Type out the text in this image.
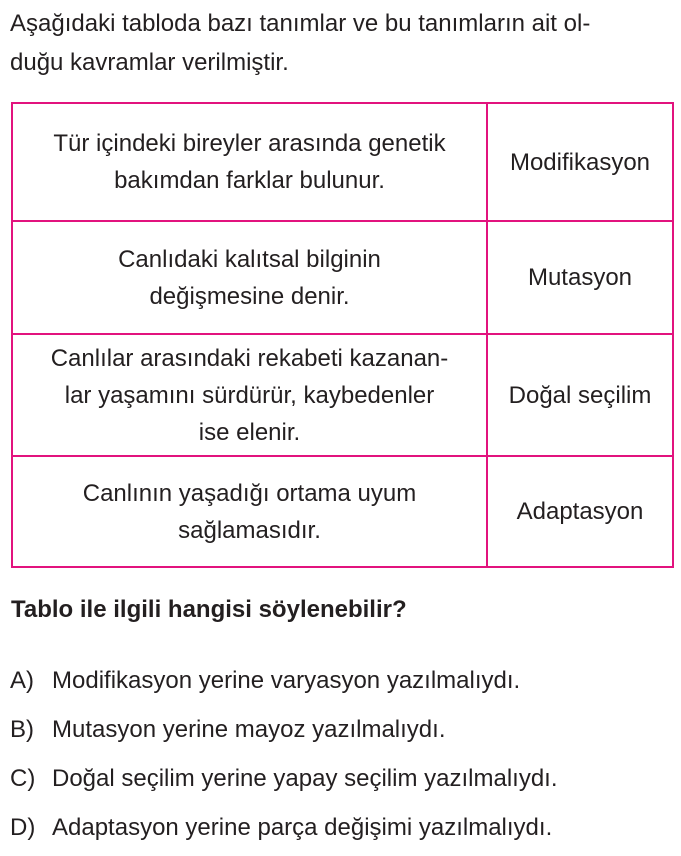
Aşağıdaki tabloda bazı tanımlar ve bu tanımların ait ol-
duğu kavramlar verilmiştir.

Tür içindeki bireyler arasında genetik
bakımdan farklar bulunur.	Modifikasyon

Canlıdaki kalıtsal bilginin
değişmesine denir.	Mutasyon

Canlılar arasındaki rekabeti kazanan-
lar yaşamını sürdürür, kaybedenler
ise elenir.	Doğal seçilim

Canlının yaşadığı ortama uyum
sağlamasıdır.	Adaptasyon

Tablo ile ilgili hangisi söylenebilir?

A) Modifikasyon yerine varyasyon yazılmalıydı.
B) Mutasyon yerine mayoz yazılmalıydı.
C) Doğal seçilim yerine yapay seçilim yazılmalıydı.
D) Adaptasyon yerine parça değişimi yazılmalıydı.
